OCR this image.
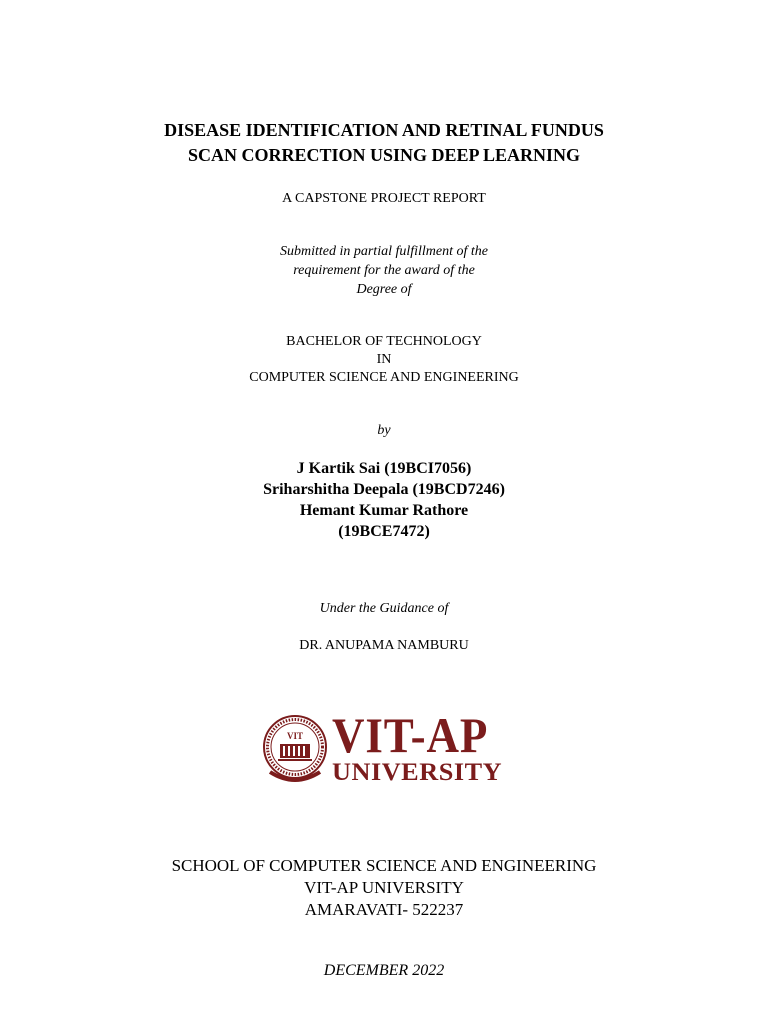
DISEASE IDENTIFICATION AND RETINAL FUNDUS
SCAN CORRECTION USING DEEP LEARNING
A CAPSTONE PROJECT REPORT
Submitted in partial fulfillment of the
requirement for the award of the
Degree of
BACHELOR OF TECHNOLOGY
IN
COMPUTER SCIENCE AND ENGINEERING
by
J Kartik Sai (19BCI7056)
Sriharshitha Deepala (19BCD7246)
Hemant Kumar Rathore
(19BCE7472)
Under the Guidance of
DR. ANUPAMA NAMBURU
VIT VIT-AP
UNIVERSITY
SCHOOL OF COMPUTER SCIENCE AND ENGINEERING
VIT-AP UNIVERSITY
AMARAVATI- 522237
DECEMBER 2022
